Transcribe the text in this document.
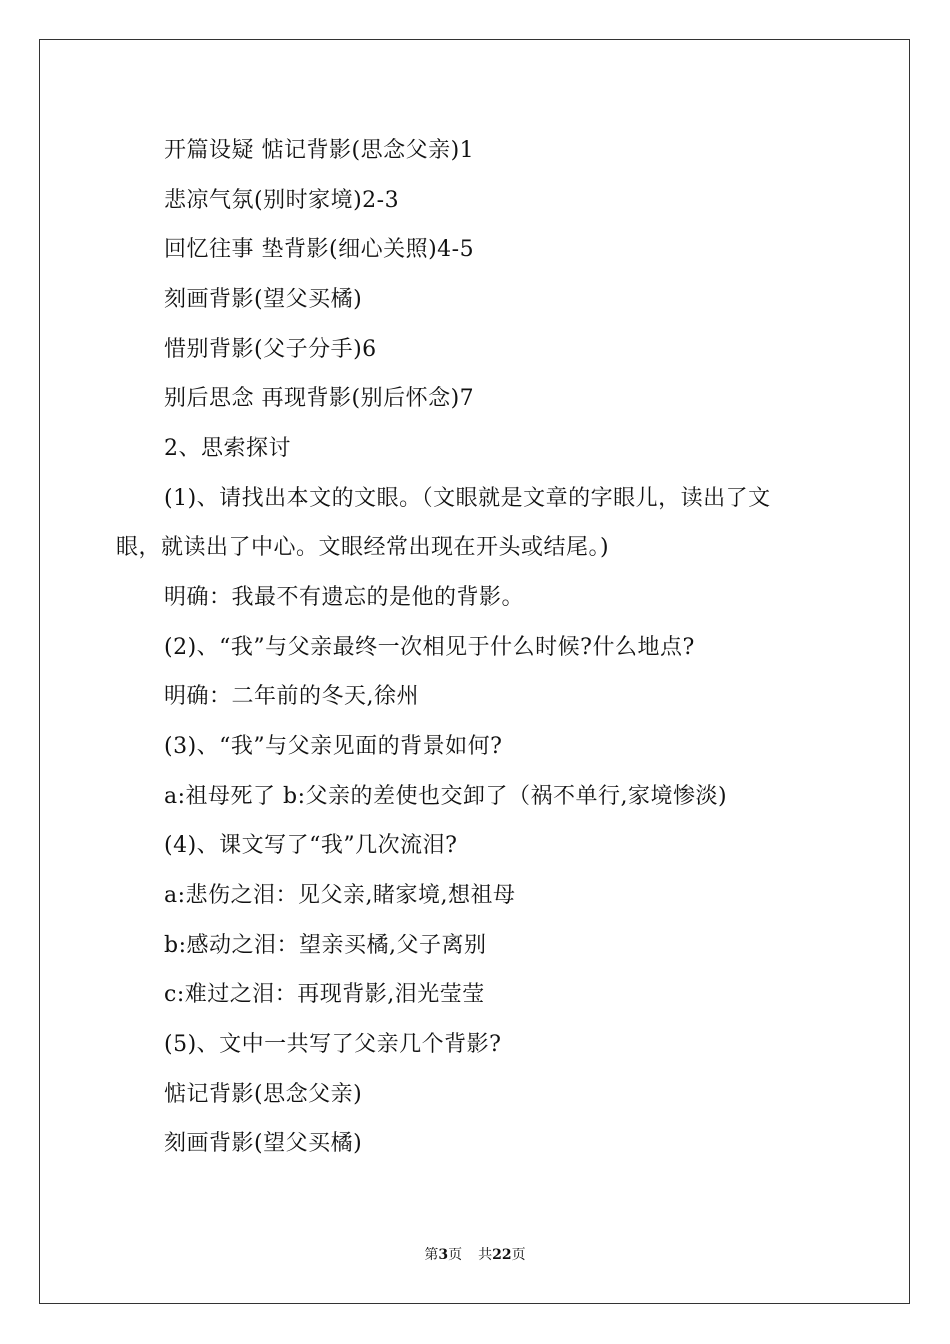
开篇设疑 惦记背影(思念父亲)1
悲凉气氛(别时家境)2-3
回忆往事 垫背影(细心关照)4-5
刻画背影(望父买橘)
惜别背影(父子分手)6
别后思念 再现背影(别后怀念)7
2、思索探讨
(1)、请找出本文的文眼。（文眼就是文章的字眼儿，读出了文
眼，就读出了中心。文眼经常出现在开头或结尾。)
明确：我最不有遗忘的是他的背影。
(2)、“我”与父亲最终一次相见于什么时候?什么地点?
明确：二年前的冬天,徐州
(3)、“我”与父亲见面的背景如何?
a:祖母死了 b:父亲的差使也交卸了（祸不单行,家境惨淡)
(4)、课文写了“我”几次流泪?
a:悲伤之泪：见父亲,睹家境,想祖母
b:感动之泪：望亲买橘,父子离别
c:难过之泪：再现背影,泪光莹莹
(5)、文中一共写了父亲几个背影?
惦记背影(思念父亲)
刻画背影(望父买橘)
第3页 共22页
